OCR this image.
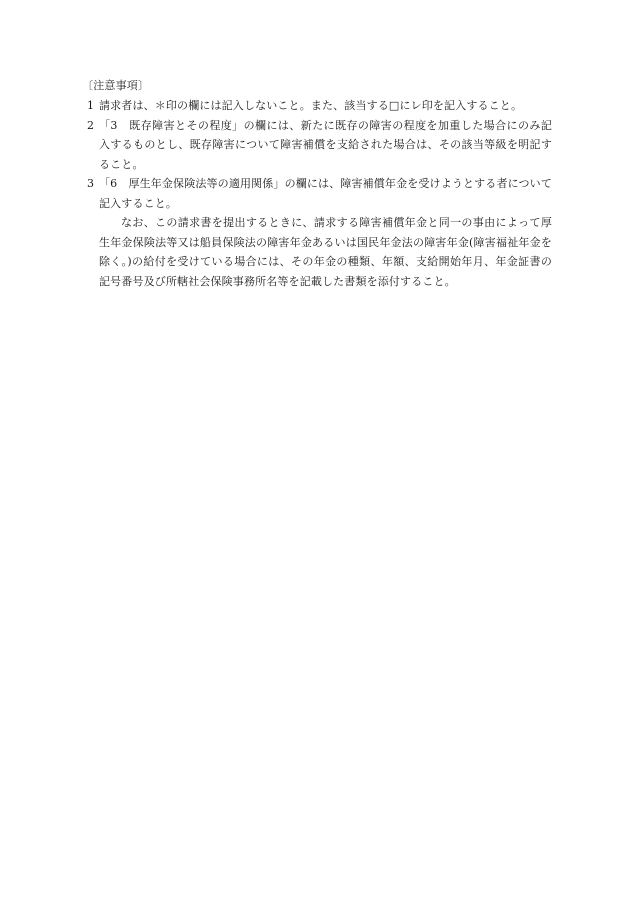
〔注意事項〕
1 請求者は、＊印の欄には記入しないこと。また、該当する□にレ印を記入すること。
2 「3　既存障害とその程度」の欄には、新たに既存の障害の程度を加重した場合にのみ記入するものとし、既存障害について障害補償を支給された場合は、その該当等級を明記すること。
3 「6　厚生年金保険法等の適用関係」の欄には、障害補償年金を受けようとする者について記入すること。
なお、この請求書を提出するときに、請求する障害補償年金と同一の事由によって厚生年金保険法等又は船員保険法の障害年金あるいは国民年金法の障害年金(障害福祉年金を除く。)の給付を受けている場合には、その年金の種類、年額、支給開始年月、年金証書の記号番号及び所轄社会保険事務所名等を記載した書類を添付すること。
